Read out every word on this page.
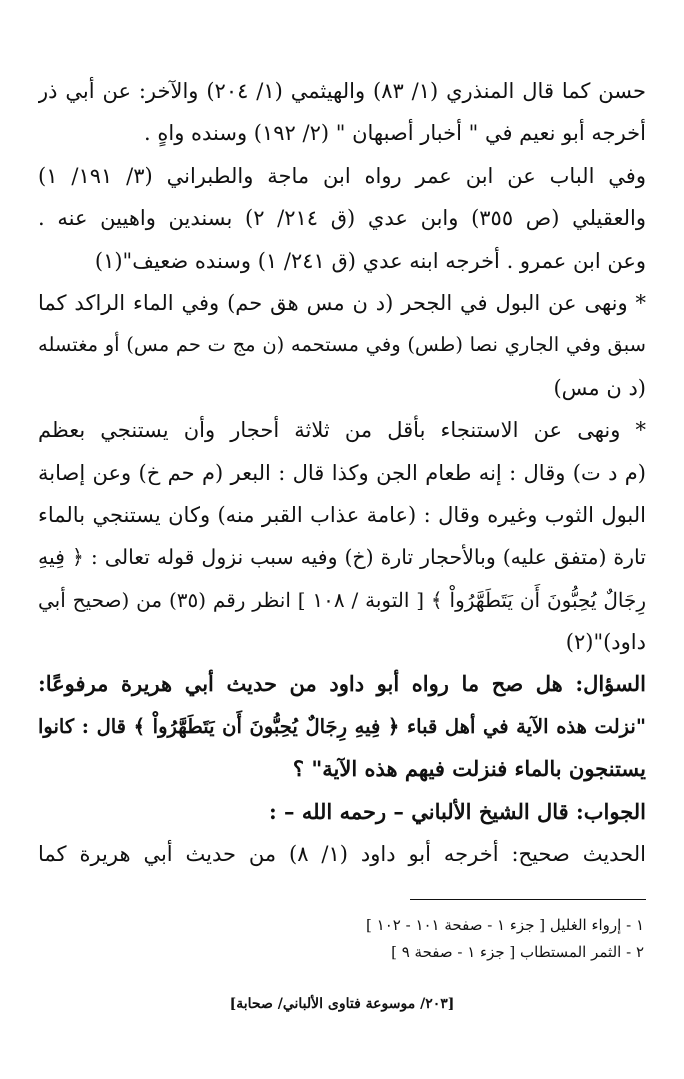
حسن كما قال المنذري (١/ ٨٣) والهيثمي (١/ ٢٠٤) والآخر: عن أبي ذر
أخرجه أبو نعيم في " أخبار أصبهان " (٢/ ١٩٢) وسنده واهٍ .
وفي الباب عن ابن عمر رواه ابن ماجة والطبراني (٣/ ١٩١/ ١)
والعقيلي (ص ٣٥٥) وابن عدي (ق ٢١٤/ ٢) بسندين واهيين عنه .
وعن ابن عمرو . أخرجه ابنه عدي (ق ٢٤١/ ١) وسنده ضعيف"(١)
* ونهى عن البول في الجحر (د ن مس هق حم) وفي الماء الراكد كما
سبق وفي الجاري نصا (طس) وفي مستحمه (ن مج ت حم مس) أو مغتسله
(د ن مس)
* ونهى عن الاستنجاء بأقل من ثلاثة أحجار وأن يستنجي بعظم
(م د ت) وقال : إنه طعام الجن وكذا قال : البعر (م حم خ) وعن إصابة
البول الثوب وغيره وقال : (عامة عذاب القبر منه) وكان يستنجي بالماء
تارة (متفق عليه) وبالأحجار تارة (خ) وفيه سبب نزول قوله تعالى : ﴿ فِيهِ
رِجَالٌ يُحِبُّونَ أَن يَتَطَهَّرُواْ ﴾ [ التوبة / ١٠٨ ] انظر رقم (٣٥) من (صحيح أبي
داود)"(٢)
السؤال: هل صح ما رواه أبو داود من حديث أبي هريرة مرفوعًا:
"نزلت هذه الآية في أهل قباء ﴿ فِيهِ رِجَالٌ يُحِبُّونَ أَن يَتَطَهَّرُواْ ﴾ قال : كانوا
يستنجون بالماء فنزلت فيهم هذه الآية" ؟
الجواب: قال الشيخ الألباني – رحمه الله – :
الحديث صحيح: أخرجه أبو داود (١/ ٨) من حديث أبي هريرة كما
١ - إرواء الغليل [ جزء ١ - صفحة ١٠١ - ١٠٢ ]
٢ - الثمر المستطاب [ جزء ١ - صفحة ٩ ]
[٢٠٣/ موسوعة فتاوى الألباني/ صحابة]
